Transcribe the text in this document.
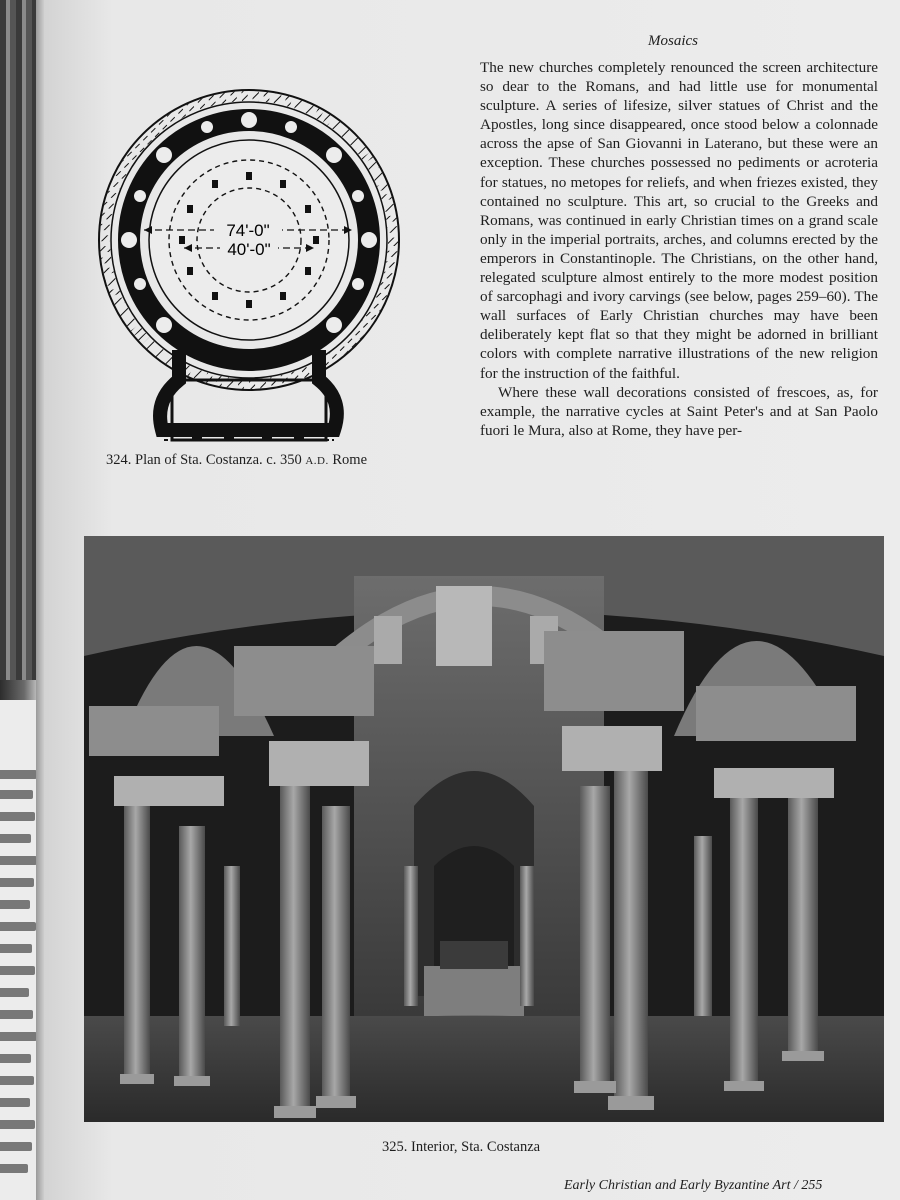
Mosaics

The new churches completely renounced the screen architecture so dear to the Romans, and had little use for monumental sculpture. A series of lifesize, silver statues of Christ and the Apostles, long since disappeared, once stood below a colonnade across the apse of San Giovanni in Laterano, but these were an exception. These churches possessed no pediments or acroteria for statues, no metopes for reliefs, and when friezes existed, they contained no sculpture. This art, so crucial to the Greeks and Romans, was continued in early Christian times on a grand scale only in the imperial portraits, arches, and columns erected by the emperors in Constantinople. The Christians, on the other hand, relegated sculpture almost entirely to the more modest position of sarcophagi and ivory carvings (see below, pages 259–60). The wall surfaces of Early Christian churches may have been deliberately kept flat so that they might be adorned in brilliant colors with complete narrative illustrations of the new religion for the instruction of the faithful.

Where these wall decorations consisted of frescoes, as, for example, the narrative cycles at Saint Peter's and at San Paolo fuori le Mura, also at Rome, they have per-

74'-0"
40'-0"
324. Plan of Sta. Costanza. c. 350 A.D. Rome
325. Interior, Sta. Costanza
Early Christian and Early Byzantine Art / 255
